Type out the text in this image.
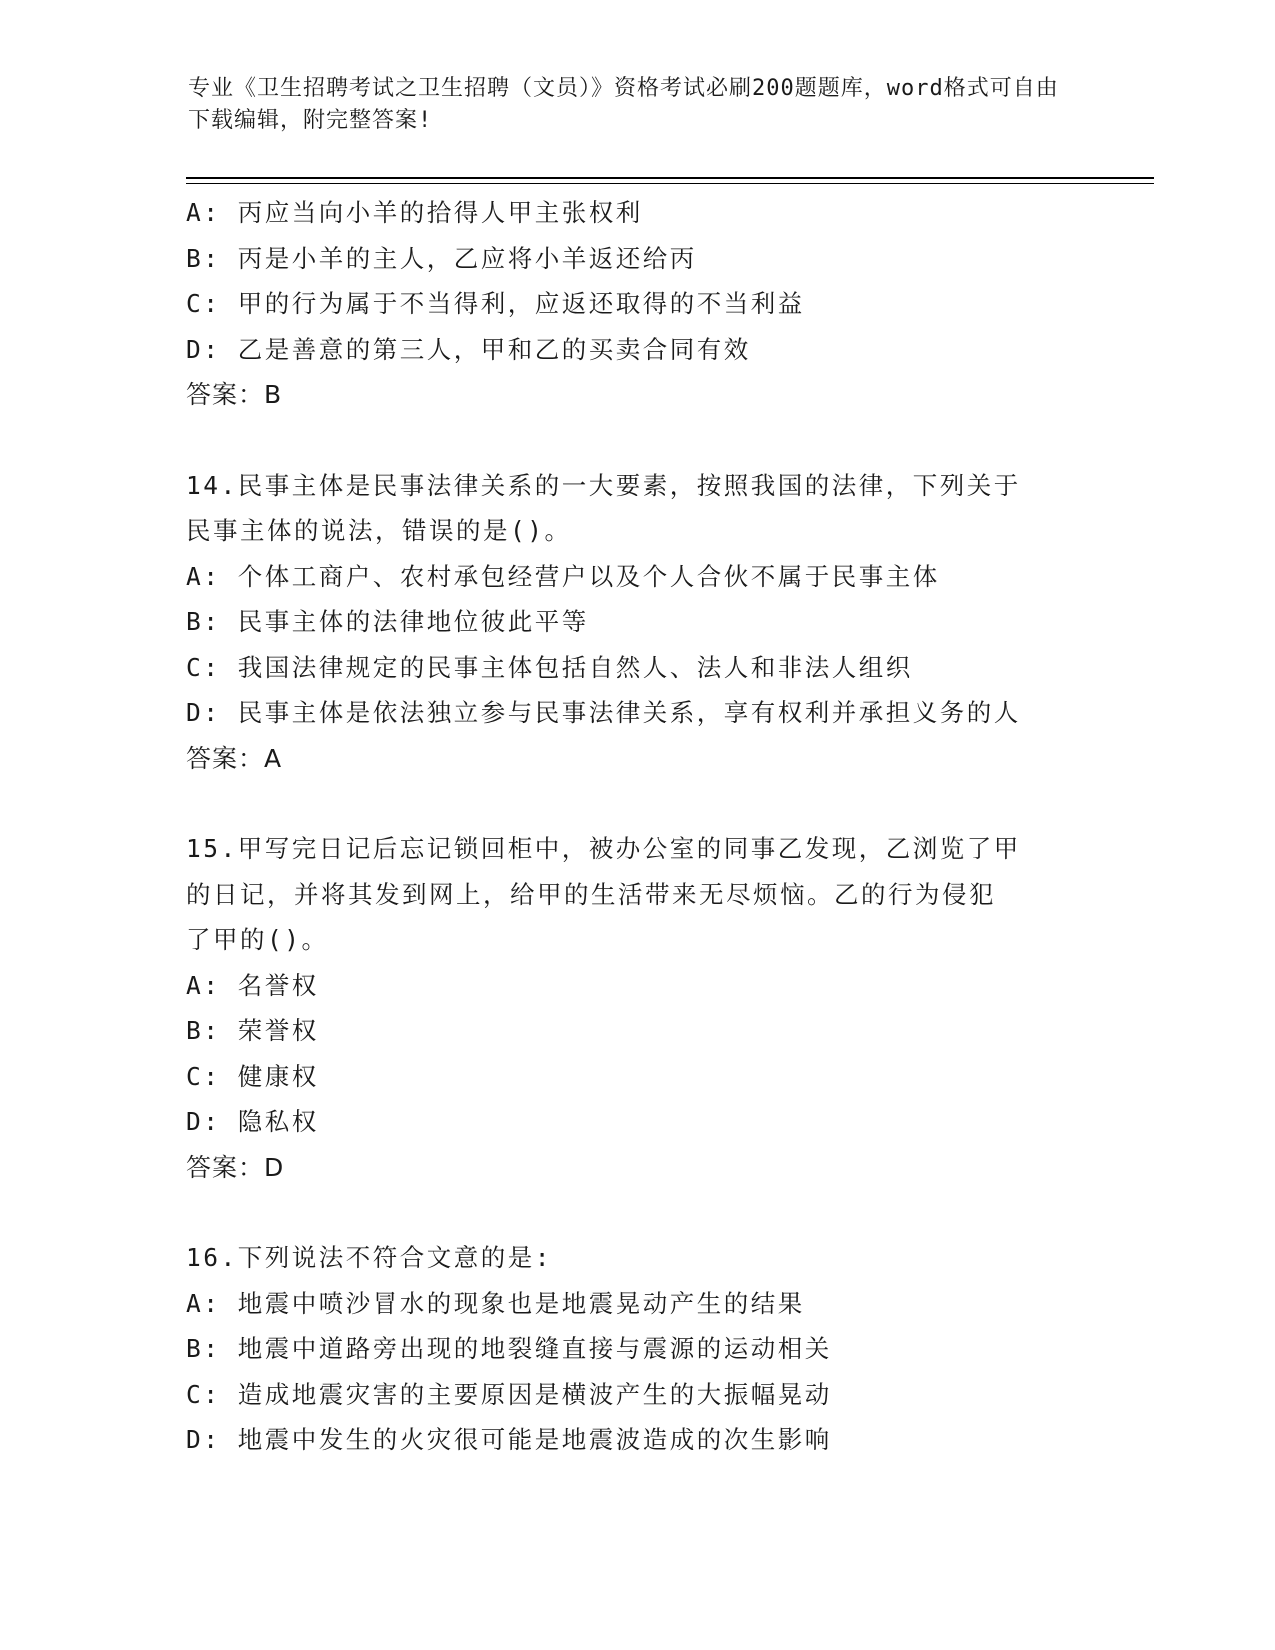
专业《卫生招聘考试之卫生招聘（文员）》资格考试必刷200题题库，word格式可自由下载编辑，附完整答案!
A: 丙应当向小羊的拾得人甲主张权利
B: 丙是小羊的主人，乙应将小羊返还给丙
C: 甲的行为属于不当得利，应返还取得的不当利益
D: 乙是善意的第三人，甲和乙的买卖合同有效
答案：B
14.民事主体是民事法律关系的一大要素，按照我国的法律，下列关于
民事主体的说法，错误的是()。
A: 个体工商户、农村承包经营户以及个人合伙不属于民事主体
B: 民事主体的法律地位彼此平等
C: 我国法律规定的民事主体包括自然人、法人和非法人组织
D: 民事主体是依法独立参与民事法律关系，享有权利并承担义务的人
答案：A
15.甲写完日记后忘记锁回柜中，被办公室的同事乙发现，乙浏览了甲
的日记，并将其发到网上，给甲的生活带来无尽烦恼。乙的行为侵犯
了甲的()。
A: 名誉权
B: 荣誉权
C: 健康权
D: 隐私权
答案：D
16.下列说法不符合文意的是:
A: 地震中喷沙冒水的现象也是地震晃动产生的结果
B: 地震中道路旁出现的地裂缝直接与震源的运动相关
C: 造成地震灾害的主要原因是横波产生的大振幅晃动
D: 地震中发生的火灾很可能是地震波造成的次生影响
